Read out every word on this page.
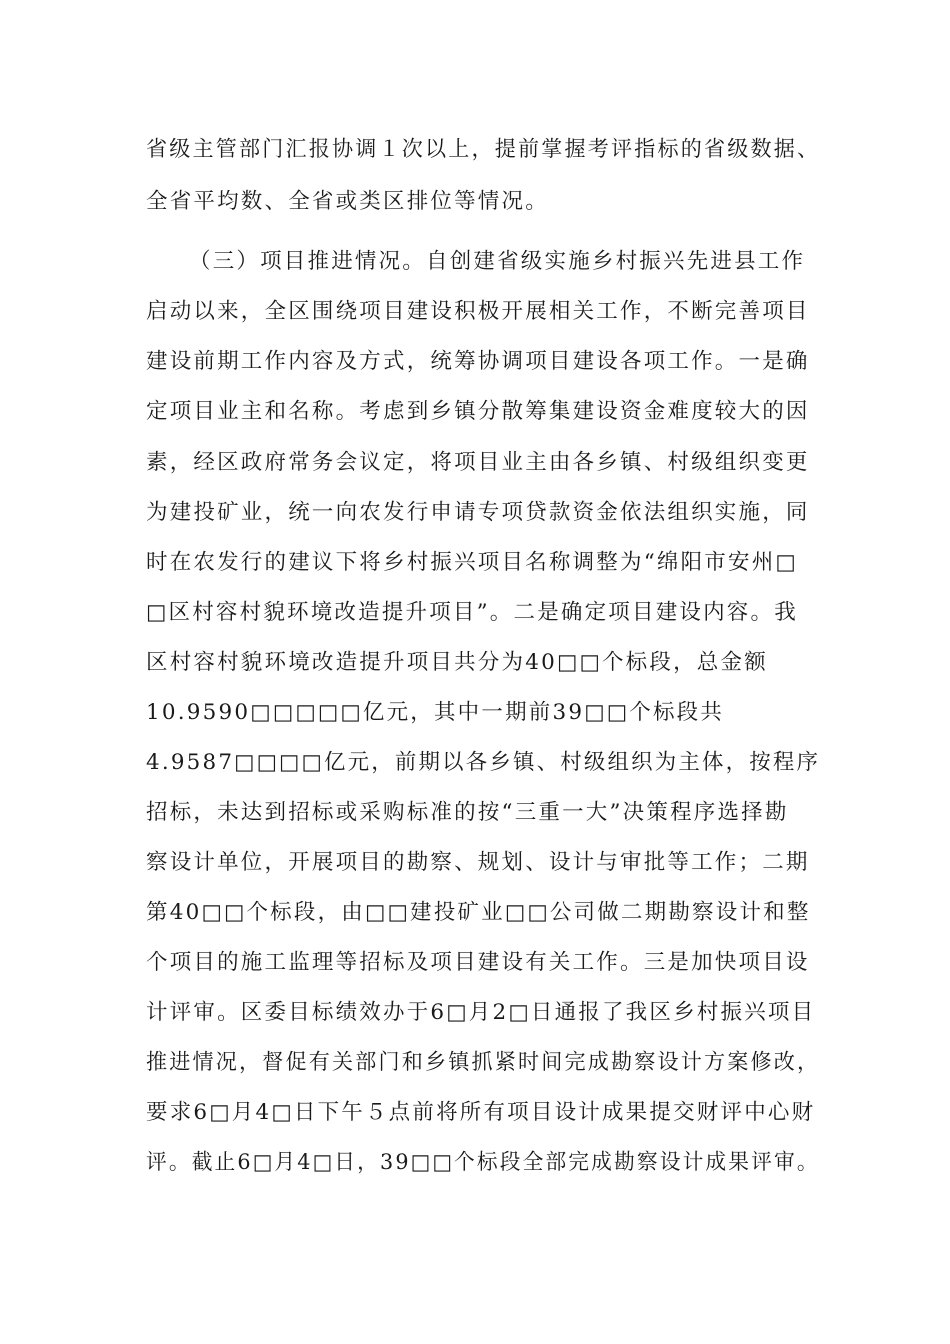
省级主管部门汇报协调１次以上，提前掌握考评指标的省级数据、
全省平均数、全省或类区排位等情况。
（三）项目推进情况。自创建省级实施乡村振兴先进县工作
启动以来，全区围绕项目建设积极开展相关工作，不断完善项目
建设前期工作内容及方式，统筹协调项目建设各项工作。一是确
定项目业主和名称。考虑到乡镇分散筹集建设资金难度较大的因
素，经区政府常务会议定，将项目业主由各乡镇、村级组织变更
为建投矿业，统一向农发行申请专项贷款资金依法组织实施，同
时在农发行的建议下将乡村振兴项目名称调整为“绵阳市安州□
□区村容村貌环境改造提升项目”。二是确定项目建设内容。我
区村容村貌环境改造提升项目共分为40□□个标段，总金额
10.9590□□□□□亿元，其中一期前39□□个标段共
4.9587□□□□亿元，前期以各乡镇、村级组织为主体，按程序
招标，未达到招标或采购标准的按“三重一大”决策程序选择勘
察设计单位，开展项目的勘察、规划、设计与审批等工作；二期
第40□□个标段，由□□建投矿业□□公司做二期勘察设计和整
个项目的施工监理等招标及项目建设有关工作。三是加快项目设
计评审。区委目标绩效办于6□月2□日通报了我区乡村振兴项目
推进情况，督促有关部门和乡镇抓紧时间完成勘察设计方案修改，
要求6□月4□日下午５点前将所有项目设计成果提交财评中心财
评。截止6□月4□日，39□□个标段全部完成勘察设计成果评审。
